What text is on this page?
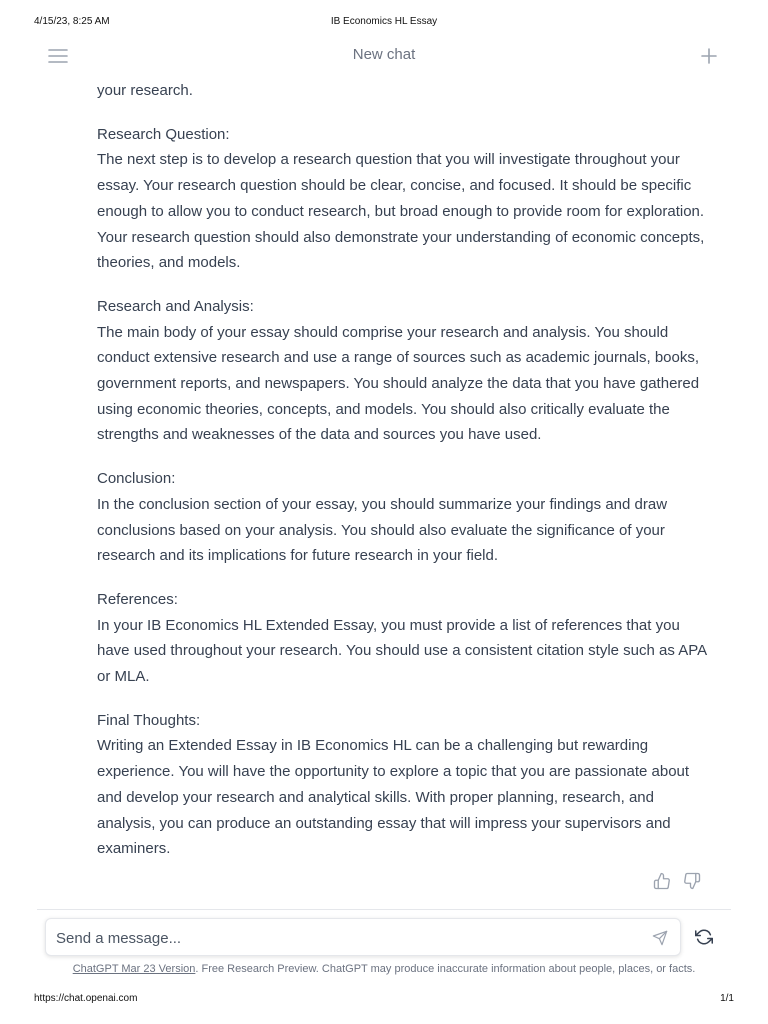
4/15/23, 8:25 AM	IB Economics HL Essay
New chat

your research.

Research Question:

The next step is to develop a research question that you will investigate throughout your essay. Your research question should be clear, concise, and focused. It should be specific enough to allow you to conduct research, but broad enough to provide room for exploration. Your research question should also demonstrate your understanding of economic concepts, theories, and models.

Research and Analysis:

The main body of your essay should comprise your research and analysis. You should conduct extensive research and use a range of sources such as academic journals, books, government reports, and newspapers. You should analyze the data that you have gathered using economic theories, concepts, and models. You should also critically evaluate the strengths and weaknesses of the data and sources you have used.

Conclusion:

In the conclusion section of your essay, you should summarize your findings and draw conclusions based on your analysis. You should also evaluate the significance of your research and its implications for future research in your field.

References:

In your IB Economics HL Extended Essay, you must provide a list of references that you have used throughout your research. You should use a consistent citation style such as APA or MLA.

Final Thoughts:

Writing an Extended Essay in IB Economics HL can be a challenging but rewarding experience. You will have the opportunity to explore a topic that you are passionate about and develop your research and analytical skills. With proper planning, research, and analysis, you can produce an outstanding essay that will impress your supervisors and examiners.

Send a message...
ChatGPT Mar 23 Version. Free Research Preview. ChatGPT may produce inaccurate information about people, places, or facts.
https://chat.openai.com	1/1
